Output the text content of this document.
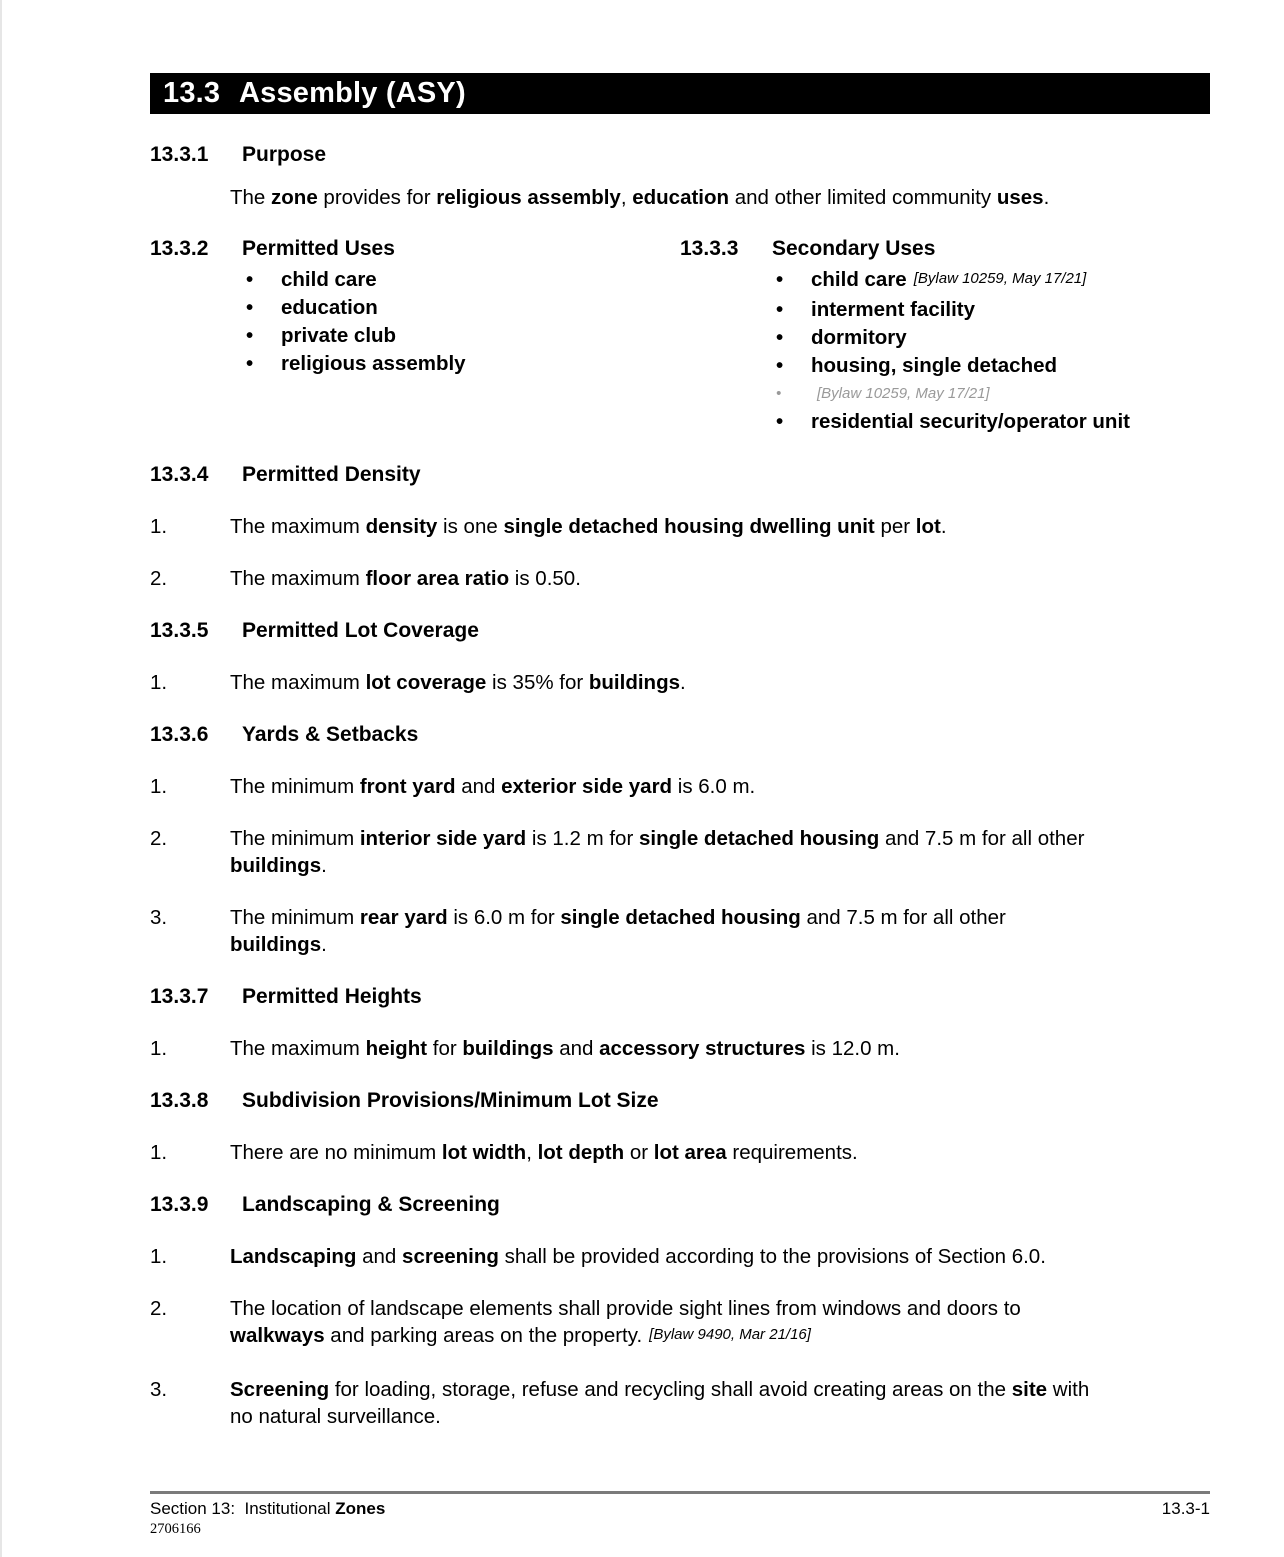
13.3 Assembly (ASY)
13.3.1	Purpose
The zone provides for religious assembly, education and other limited community uses.
13.3.2	Permitted Uses
• child care
• education
• private club
• religious assembly
13.3.3	Secondary Uses
• child care [Bylaw 10259, May 17/21]
• interment facility
• dormitory
• housing, single detached
• [Bylaw 10259, May 17/21]
• residential security/operator unit
13.3.4	Permitted Density
1.	The maximum density is one single detached housing dwelling unit per lot.
2.	The maximum floor area ratio is 0.50.
13.3.5	Permitted Lot Coverage
1.	The maximum lot coverage is 35% for buildings.
13.3.6	Yards & Setbacks
1.	The minimum front yard and exterior side yard is 6.0 m.
2.	The minimum interior side yard is 1.2 m for single detached housing and 7.5 m for all other
buildings.
3.	The minimum rear yard is 6.0 m for single detached housing and 7.5 m for all other
buildings.
13.3.7	Permitted Heights
1.	The maximum height for buildings and accessory structures is 12.0 m.
13.3.8	Subdivision Provisions/Minimum Lot Size
1.	There are no minimum lot width, lot depth or lot area requirements.
13.3.9	Landscaping & Screening
1.	Landscaping and screening shall be provided according to the provisions of Section 6.0.
2.	The location of landscape elements shall provide sight lines from windows and doors to
walkways and parking areas on the property. [Bylaw 9490, Mar 21/16]
3.	Screening for loading, storage, refuse and recycling shall avoid creating areas on the site with
no natural surveillance.
Section 13:  Institutional Zones	13.3-1
2706166
